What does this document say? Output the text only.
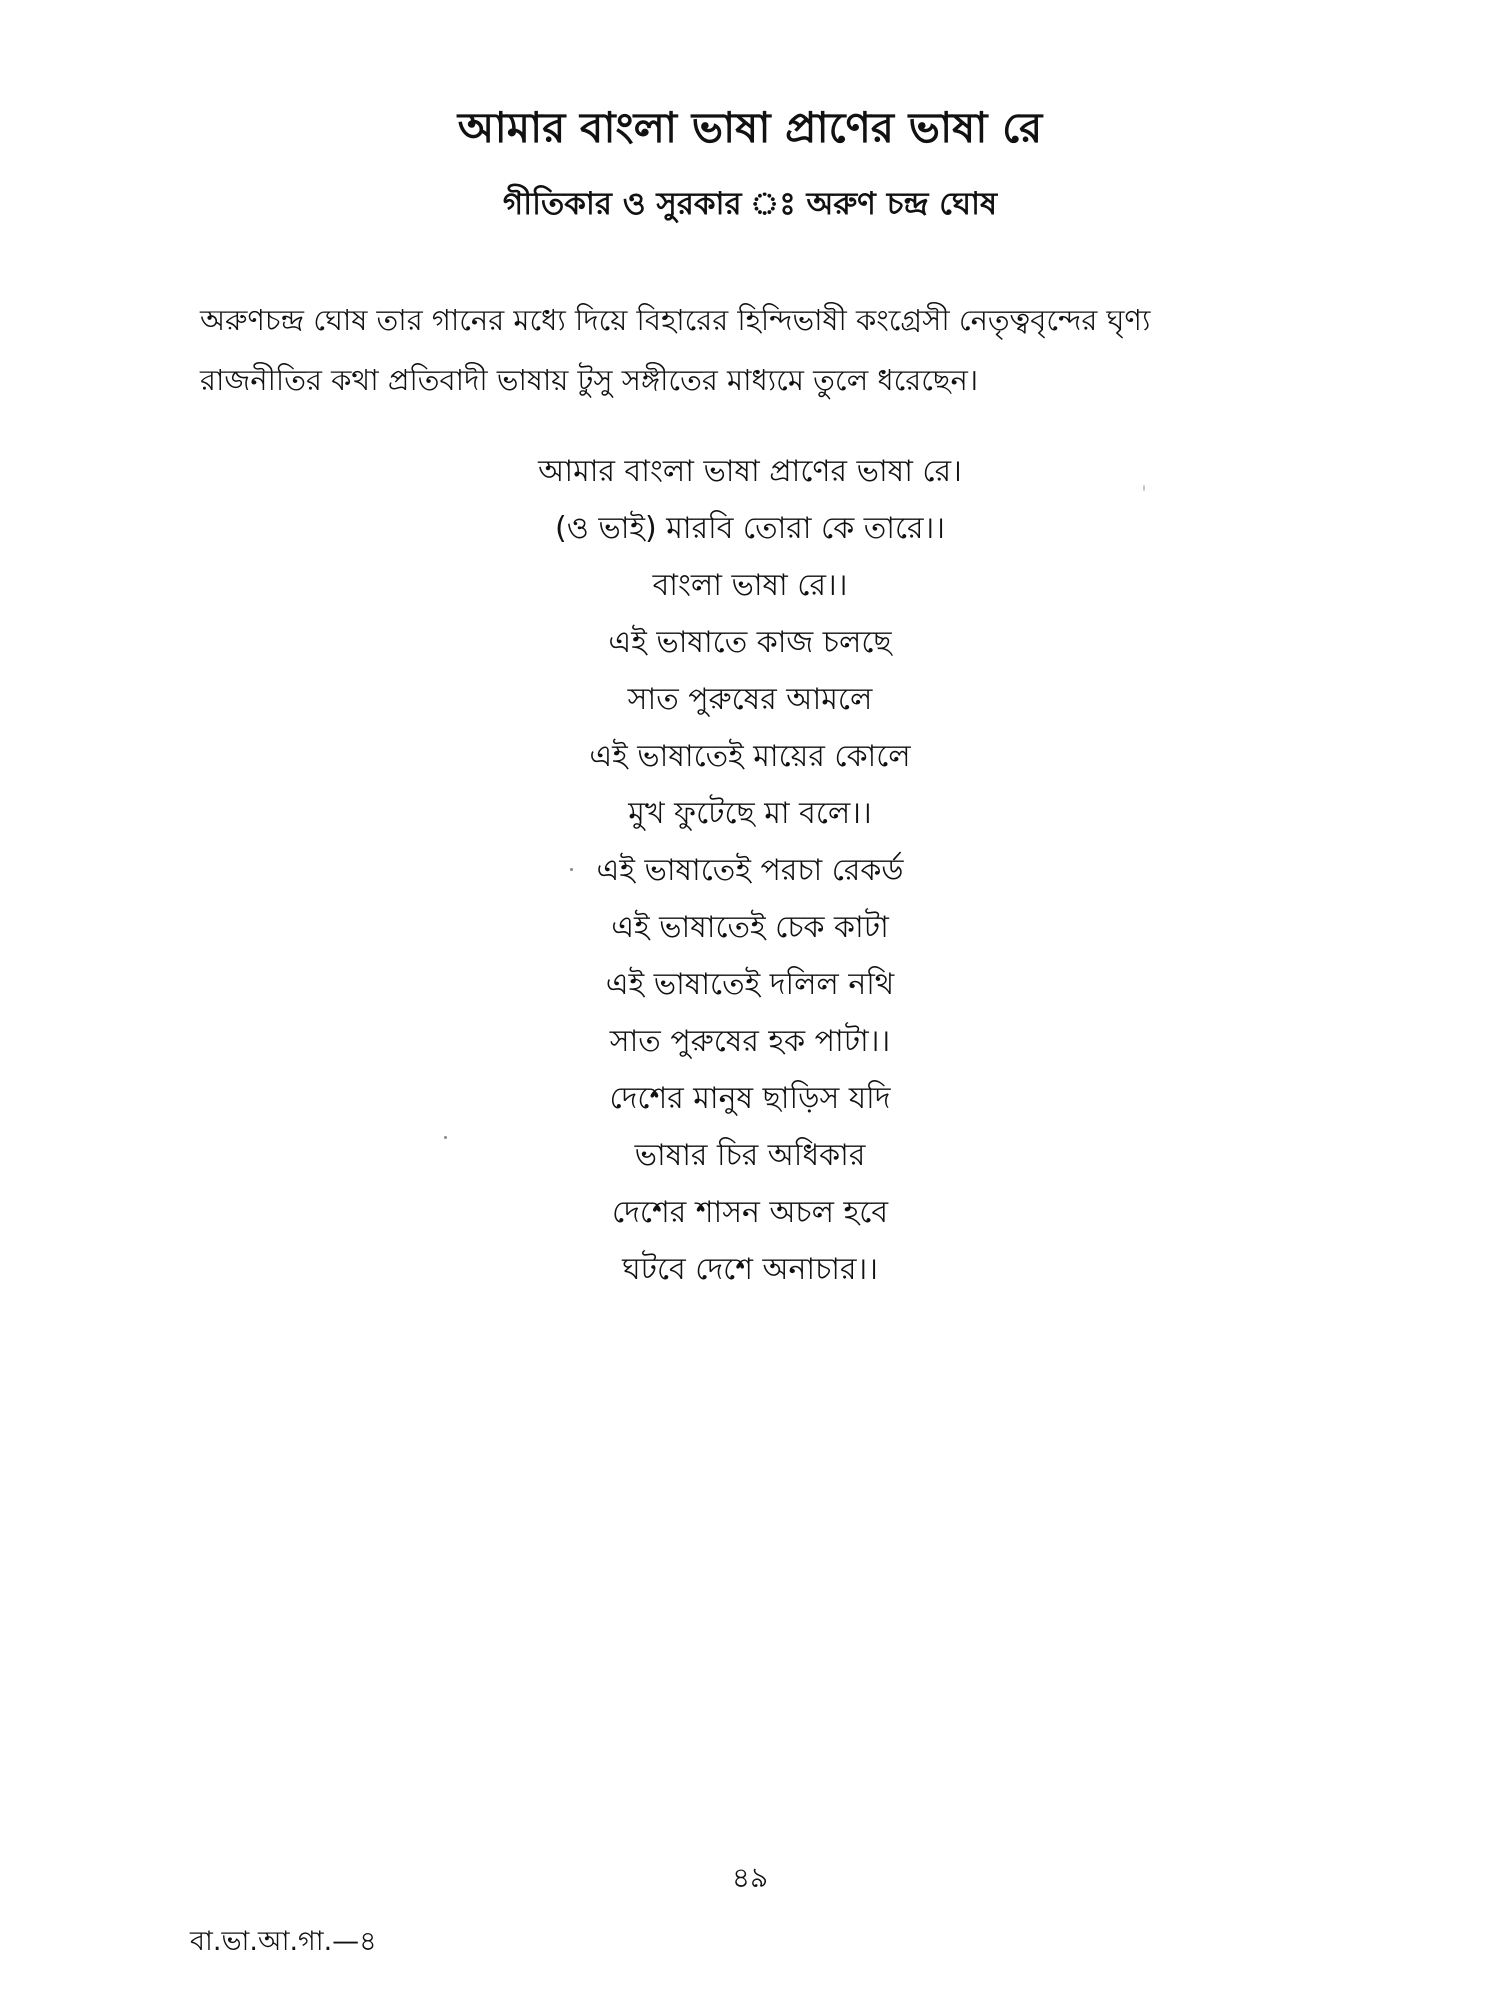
আমার বাংলা ভাষা প্রাণের ভাষা রে
গীতিকার ও সুরকার ঃ অরুণ চন্দ্র ঘোষ

অরুণচন্দ্র ঘোষ তার গানের মধ্যে দিয়ে বিহারের হিন্দিভাষী কংগ্রেসী নেতৃত্ববৃন্দের ঘৃণ্য

রাজনীতির কথা প্রতিবাদী ভাষায় টুসু সঙ্গীতের মাধ্যমে তুলে ধরেছেন।

আমার বাংলা ভাষা প্রাণের ভাষা রে।
(ও ভাই) মারবি তোরা কে তারে।।
বাংলা ভাষা রে।।
এই ভাষাতে কাজ চলছে
সাত পুরুষের আমলে
এই ভাষাতেই মায়ের কোলে
মুখ ফুটেছে মা বলে।।
এই ভাষাতেই পরচা রেকর্ড
এই ভাষাতেই চেক কাটা
এই ভাষাতেই দলিল নথি
সাত পুরুষের হক পাটা।।
দেশের মানুষ ছাড়িস যদি
ভাষার চির অধিকার
দেশের শাসন অচল হবে
ঘটবে দেশে অনাচার।।
৪৯
বা.ভা.আ.গা.—৪
